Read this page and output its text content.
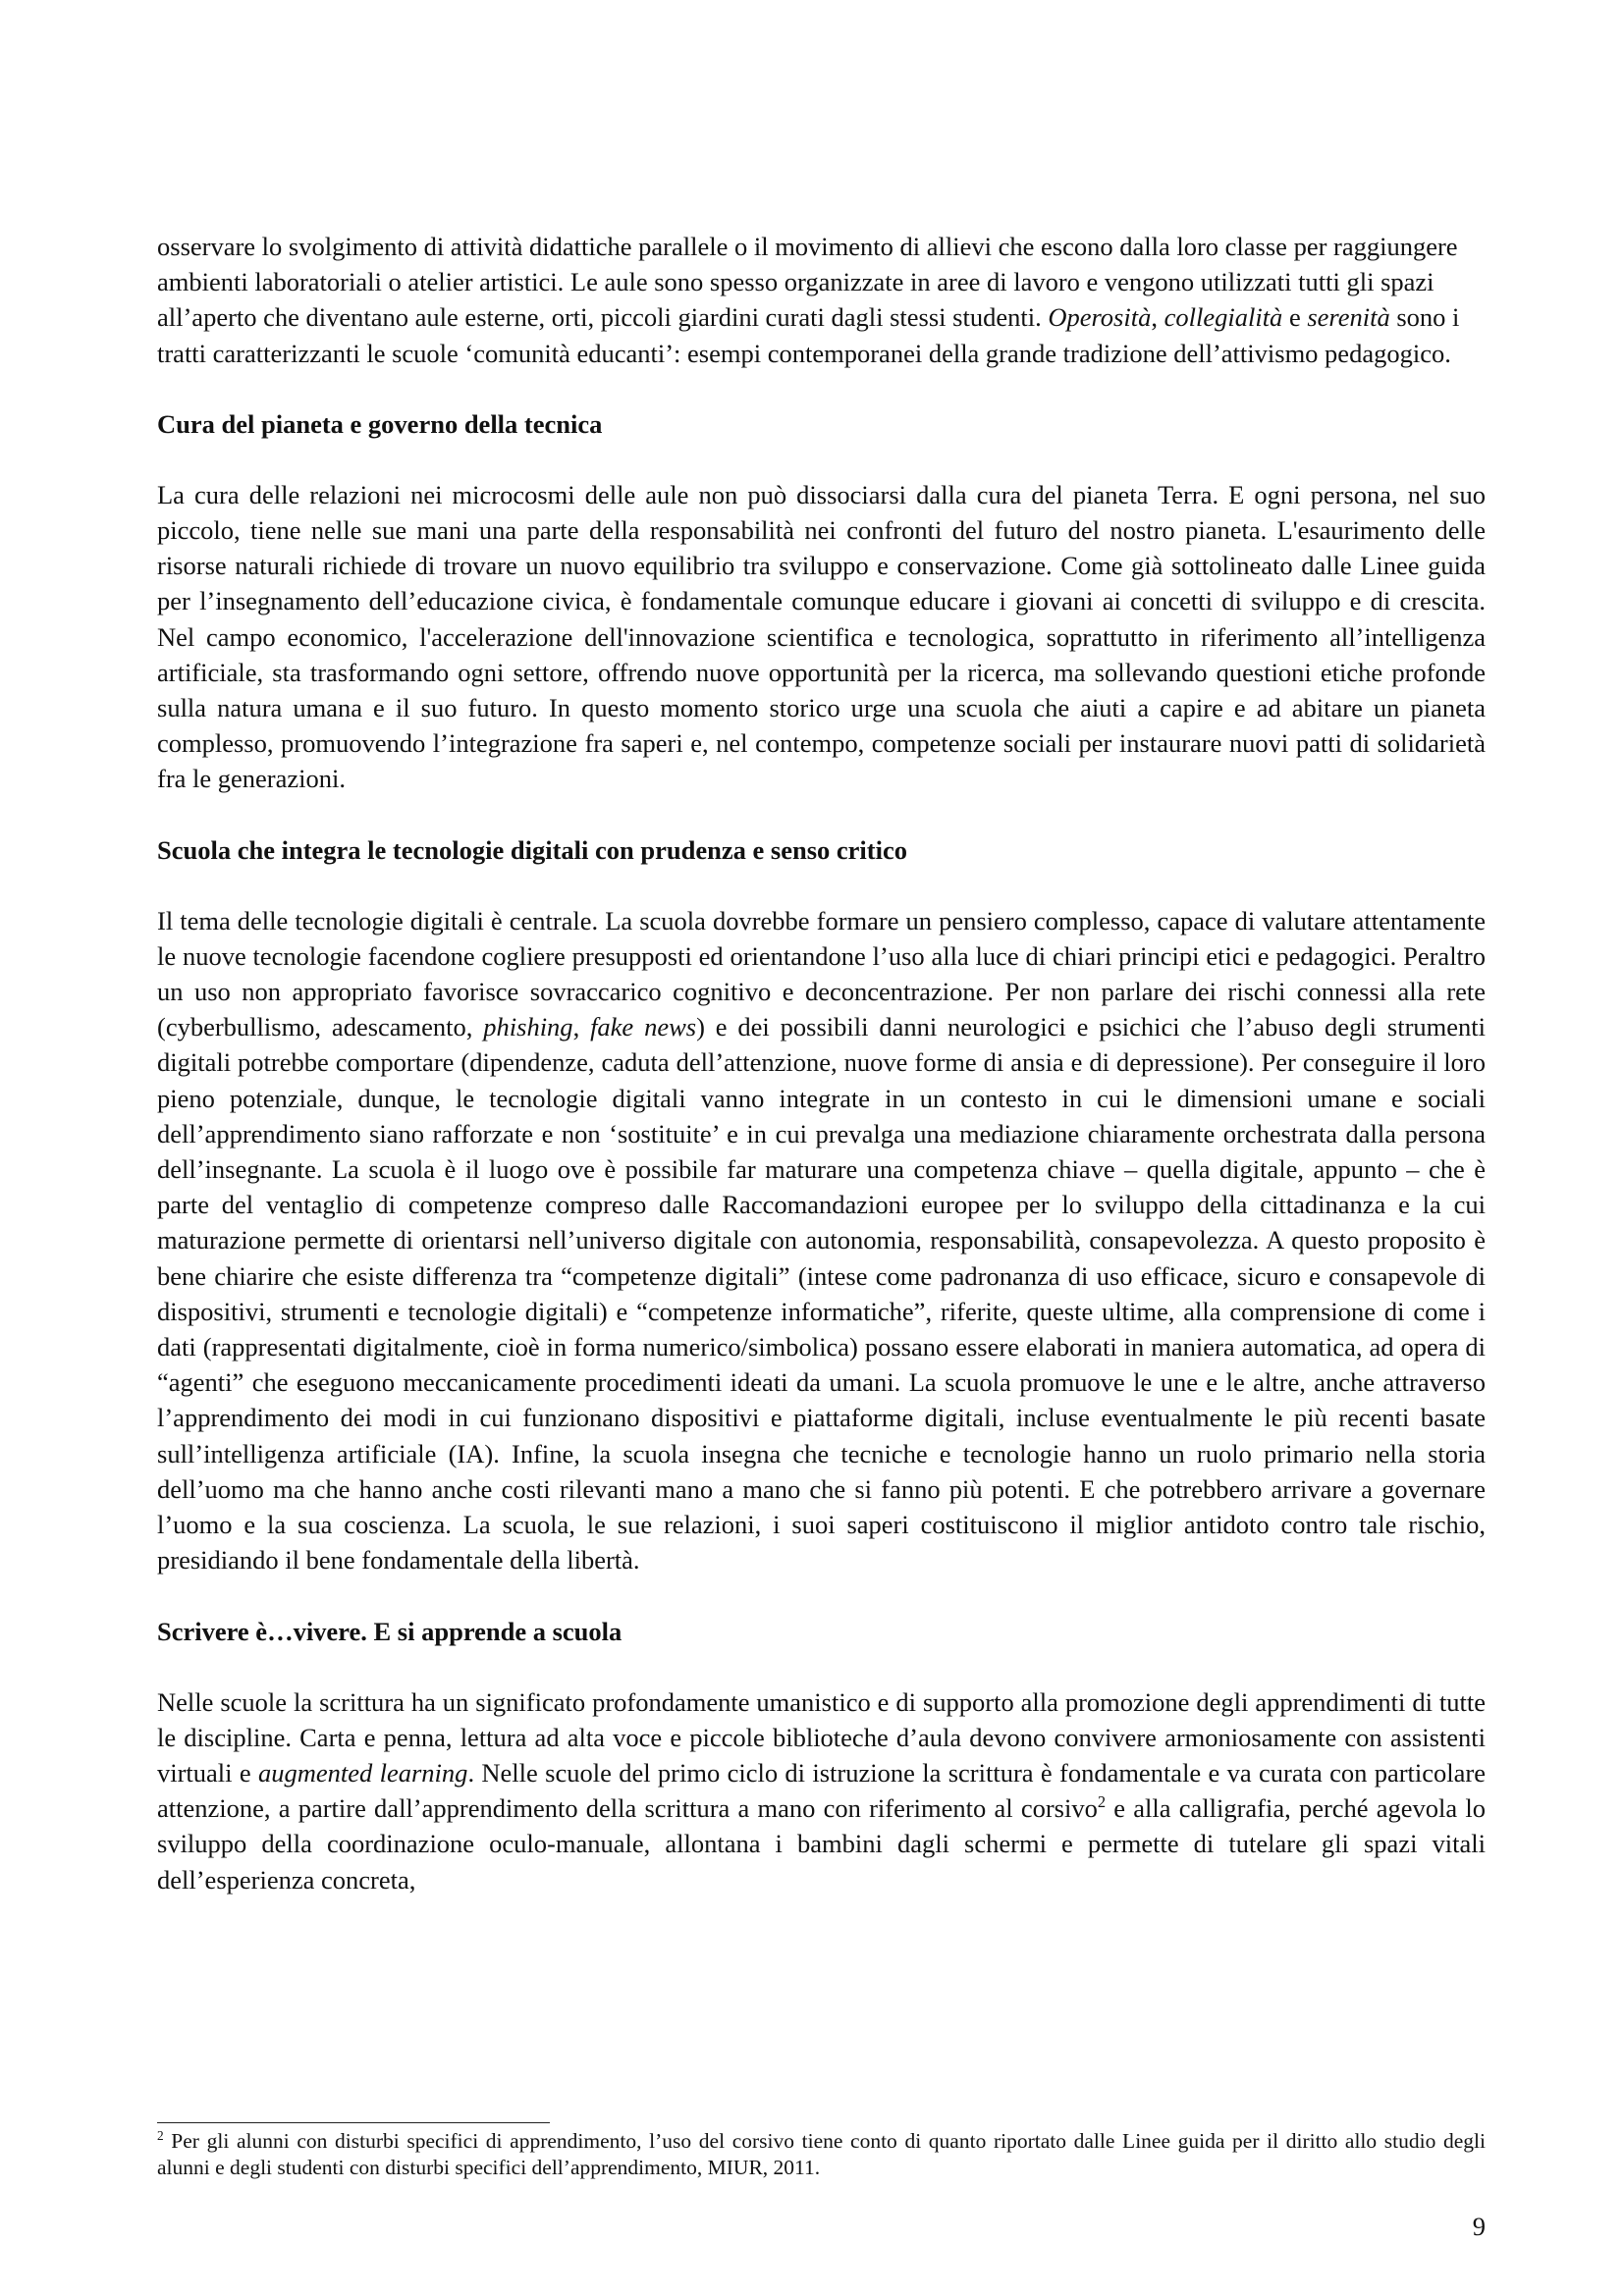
osservare lo svolgimento di attività didattiche parallele o il movimento di allievi che escono dalla loro classe per raggiungere ambienti laboratoriali o atelier artistici. Le aule sono spesso organizzate in aree di lavoro e vengono utilizzati tutti gli spazi all’aperto che diventano aule esterne, orti, piccoli giardini curati dagli stessi studenti. Operosità, collegialità e serenità sono i tratti caratterizzanti le scuole ‘comunità educanti’: esempi contemporanei della grande tradizione dell’attivismo pedagogico.

Cura del pianeta e governo della tecnica

La cura delle relazioni nei microcosmi delle aule non può dissociarsi dalla cura del pianeta Terra. E ogni persona, nel suo piccolo, tiene nelle sue mani una parte della responsabilità nei confronti del futuro del nostro pianeta. L'esaurimento delle risorse naturali richiede di trovare un nuovo equilibrio tra sviluppo e conservazione. Come già sottolineato dalle Linee guida per l’insegnamento dell’educazione civica, è fondamentale comunque educare i giovani ai concetti di sviluppo e di crescita. Nel campo economico, l'accelerazione dell'innovazione scientifica e tecnologica, soprattutto in riferimento all’intelligenza artificiale, sta trasformando ogni settore, offrendo nuove opportunità per la ricerca, ma sollevando questioni etiche profonde sulla natura umana e il suo futuro. In questo momento storico urge una scuola che aiuti a capire e ad abitare un pianeta complesso, promuovendo l’integrazione fra saperi e, nel contempo, competenze sociali per instaurare nuovi patti di solidarietà fra le generazioni.

Scuola che integra le tecnologie digitali con prudenza e senso critico

Il tema delle tecnologie digitali è centrale. La scuola dovrebbe formare un pensiero complesso, capace di valutare attentamente le nuove tecnologie facendone cogliere presupposti ed orientandone l’uso alla luce di chiari principi etici e pedagogici. Peraltro un uso non appropriato favorisce sovraccarico cognitivo e deconcentrazione. Per non parlare dei rischi connessi alla rete (cyberbullismo, adescamento, phishing, fake news) e dei possibili danni neurologici e psichici che l’abuso degli strumenti digitali potrebbe comportare (dipendenze, caduta dell’attenzione, nuove forme di ansia e di depressione). Per conseguire il loro pieno potenziale, dunque, le tecnologie digitali vanno integrate in un contesto in cui le dimensioni umane e sociali dell’apprendimento siano rafforzate e non ‘sostituite’ e in cui prevalga una mediazione chiaramente orchestrata dalla persona dell’insegnante. La scuola è il luogo ove è possibile far maturare una competenza chiave – quella digitale, appunto – che è parte del ventaglio di competenze compreso dalle Raccomandazioni europee per lo sviluppo della cittadinanza e la cui maturazione permette di orientarsi nell’universo digitale con autonomia, responsabilità, consapevolezza. A questo proposito è bene chiarire che esiste differenza tra “competenze digitali” (intese come padronanza di uso efficace, sicuro e consapevole di dispositivi, strumenti e tecnologie digitali) e “competenze informatiche”, riferite, queste ultime, alla comprensione di come i dati (rappresentati digitalmente, cioè in forma numerico/simbolica) possano essere elaborati in maniera automatica, ad opera di “agenti” che eseguono meccanicamente procedimenti ideati da umani. La scuola promuove le une e le altre, anche attraverso l’apprendimento dei modi in cui funzionano dispositivi e piattaforme digitali, incluse eventualmente le più recenti basate sull’intelligenza artificiale (IA). Infine, la scuola insegna che tecniche e tecnologie hanno un ruolo primario nella storia dell’uomo ma che hanno anche costi rilevanti mano a mano che si fanno più potenti. E che potrebbero arrivare a governare l’uomo e la sua coscienza. La scuola, le sue relazioni, i suoi saperi costituiscono il miglior antidoto contro tale rischio, presidiando il bene fondamentale della libertà.

Scrivere è…vivere. E si apprende a scuola

Nelle scuole la scrittura ha un significato profondamente umanistico e di supporto alla promozione degli apprendimenti di tutte le discipline. Carta e penna, lettura ad alta voce e piccole biblioteche d’aula devono convivere armoniosamente con assistenti virtuali e augmented learning. Nelle scuole del primo ciclo di istruzione la scrittura è fondamentale e va curata con particolare attenzione, a partire dall’apprendimento della scrittura a mano con riferimento al corsivo$^2$ e alla calligrafia, perché agevola lo sviluppo della coordinazione oculo-manuale, allontana i bambini dagli schermi e permette di tutelare gli spazi vitali dell’esperienza concreta,

$^2$ Per gli alunni con disturbi specifici di apprendimento, l’uso del corsivo tiene conto di quanto riportato dalle Linee guida per il diritto allo studio degli alunni e degli studenti con disturbi specifici dell’apprendimento, MIUR, 2011.
9
